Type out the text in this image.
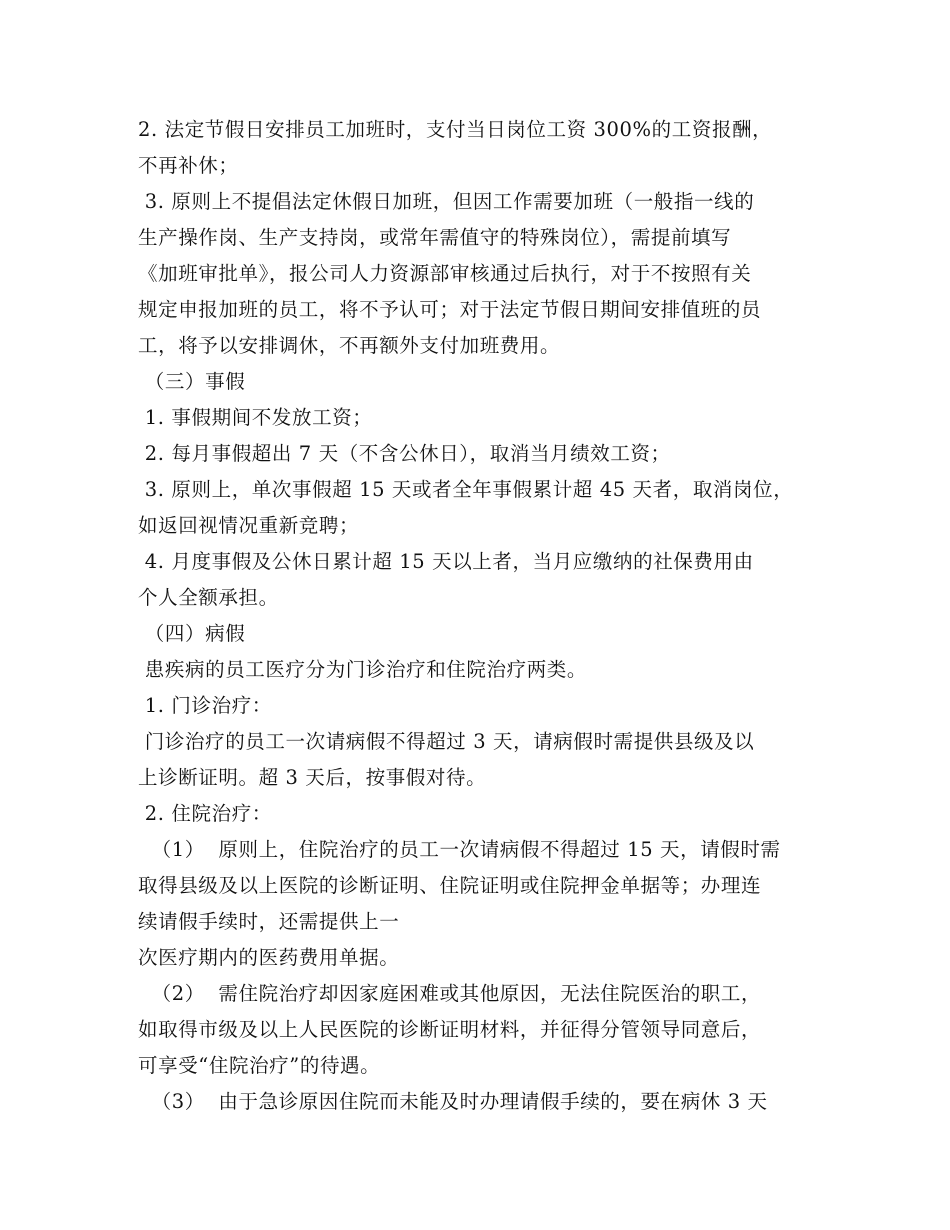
2. 法定节假日安排员工加班时，支付当日岗位工资 300%的工资报酬，
不再补休；
3. 原则上不提倡法定休假日加班，但因工作需要加班（一般指一线的
生产操作岗、生产支持岗，或常年需值守的特殊岗位），需提前填写
《加班审批单》，报公司人力资源部审核通过后执行，对于不按照有关
规定申报加班的员工，将不予认可；对于法定节假日期间安排值班的员
工，将予以安排调休，不再额外支付加班费用。
（三）事假
1. 事假期间不发放工资；
2. 每月事假超出 7 天（不含公休日），取消当月绩效工资；
3. 原则上，单次事假超 15 天或者全年事假累计超 45 天者，取消岗位，
如返回视情况重新竞聘；
4. 月度事假及公休日累计超 15 天以上者，当月应缴纳的社保费用由
个人全额承担。
（四）病假
患疾病的员工医疗分为门诊治疗和住院治疗两类。
1. 门诊治疗：
门诊治疗的员工一次请病假不得超过 3 天，请病假时需提供县级及以
上诊断证明。超 3 天后，按事假对待。
2. 住院治疗：
（1）  原则上，住院治疗的员工一次请病假不得超过 15 天，请假时需
取得县级及以上医院的诊断证明、住院证明或住院押金单据等；办理连
续请假手续时，还需提供上一
次医疗期内的医药费用单据。
（2）  需住院治疗却因家庭困难或其他原因，无法住院医治的职工，
如取得市级及以上人民医院的诊断证明材料，并征得分管领导同意后，
可享受“住院治疗”的待遇。
（3）  由于急诊原因住院而未能及时办理请假手续的，要在病休 3 天
